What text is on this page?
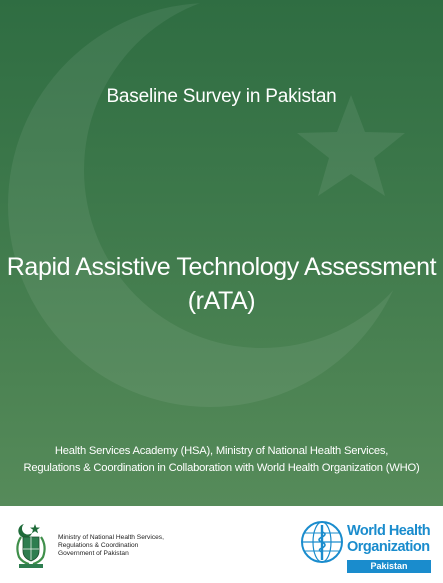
Baseline Survey in Pakistan
Rapid Assistive Technology Assessment
(rATA)
Health Services Academy (HSA), Ministry of National Health Services,
Regulations & Coordination in Collaboration with World Health Organization (WHO)
Ministry of National Health Services,
Regulations & Coordination
Government of Pakistan
World Health
Organization
Pakistan
